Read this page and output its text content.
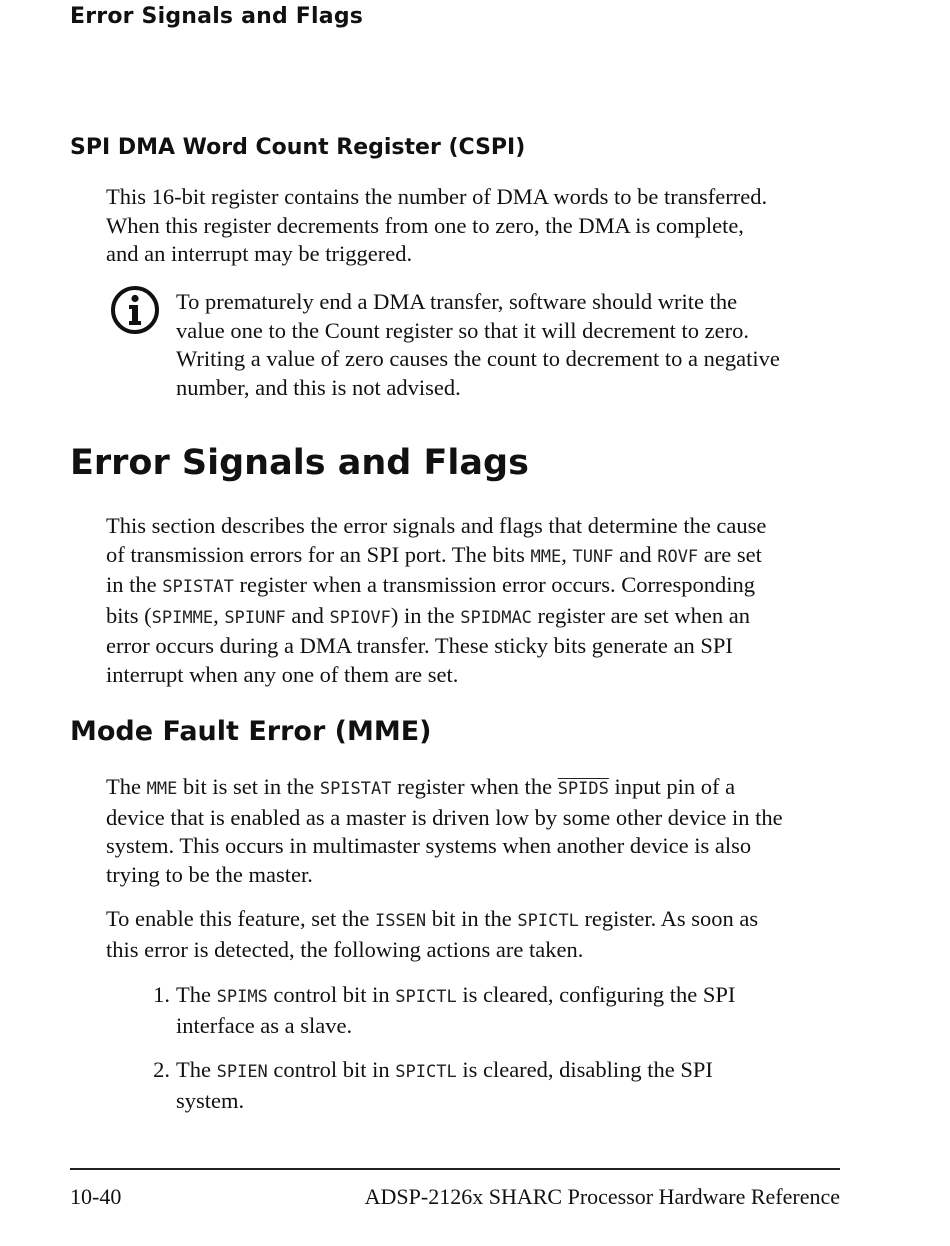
Error Signals and Flags
SPI DMA Word Count Register (CSPI)

This 16-bit register contains the number of DMA words to be transferred.
When this register decrements from one to zero, the DMA is complete,
and an interrupt may be triggered.

To prematurely end a DMA transfer, software should write the
value one to the Count register so that it will decrement to zero.
Writing a value of zero causes the count to decrement to a negative
number, and this is not advised.

Error Signals and Flags

This section describes the error signals and flags that determine the cause
of transmission errors for an SPI port. The bits MME, TUNF and ROVF are set
in the SPISTAT register when a transmission error occurs. Corresponding
bits (SPIMME, SPIUNF and SPIOVF) in the SPIDMAC register are set when an
error occurs during a DMA transfer. These sticky bits generate an SPI
interrupt when any one of them are set.

Mode Fault Error (MME)

The MME bit is set in the SPISTAT register when the SPIDS input pin of a
device that is enabled as a master is driven low by some other device in the
system. This occurs in multimaster systems when another device is also
trying to be the master.

To enable this feature, set the ISSEN bit in the SPICTL register. As soon as
this error is detected, the following actions are taken.

1. The SPIMS control bit in SPICTL is cleared, configuring the SPI
interface as a slave.
2. The SPIEN control bit in SPICTL is cleared, disabling the SPI
system.
10-40	ADSP-2126x SHARC Processor Hardware Reference
